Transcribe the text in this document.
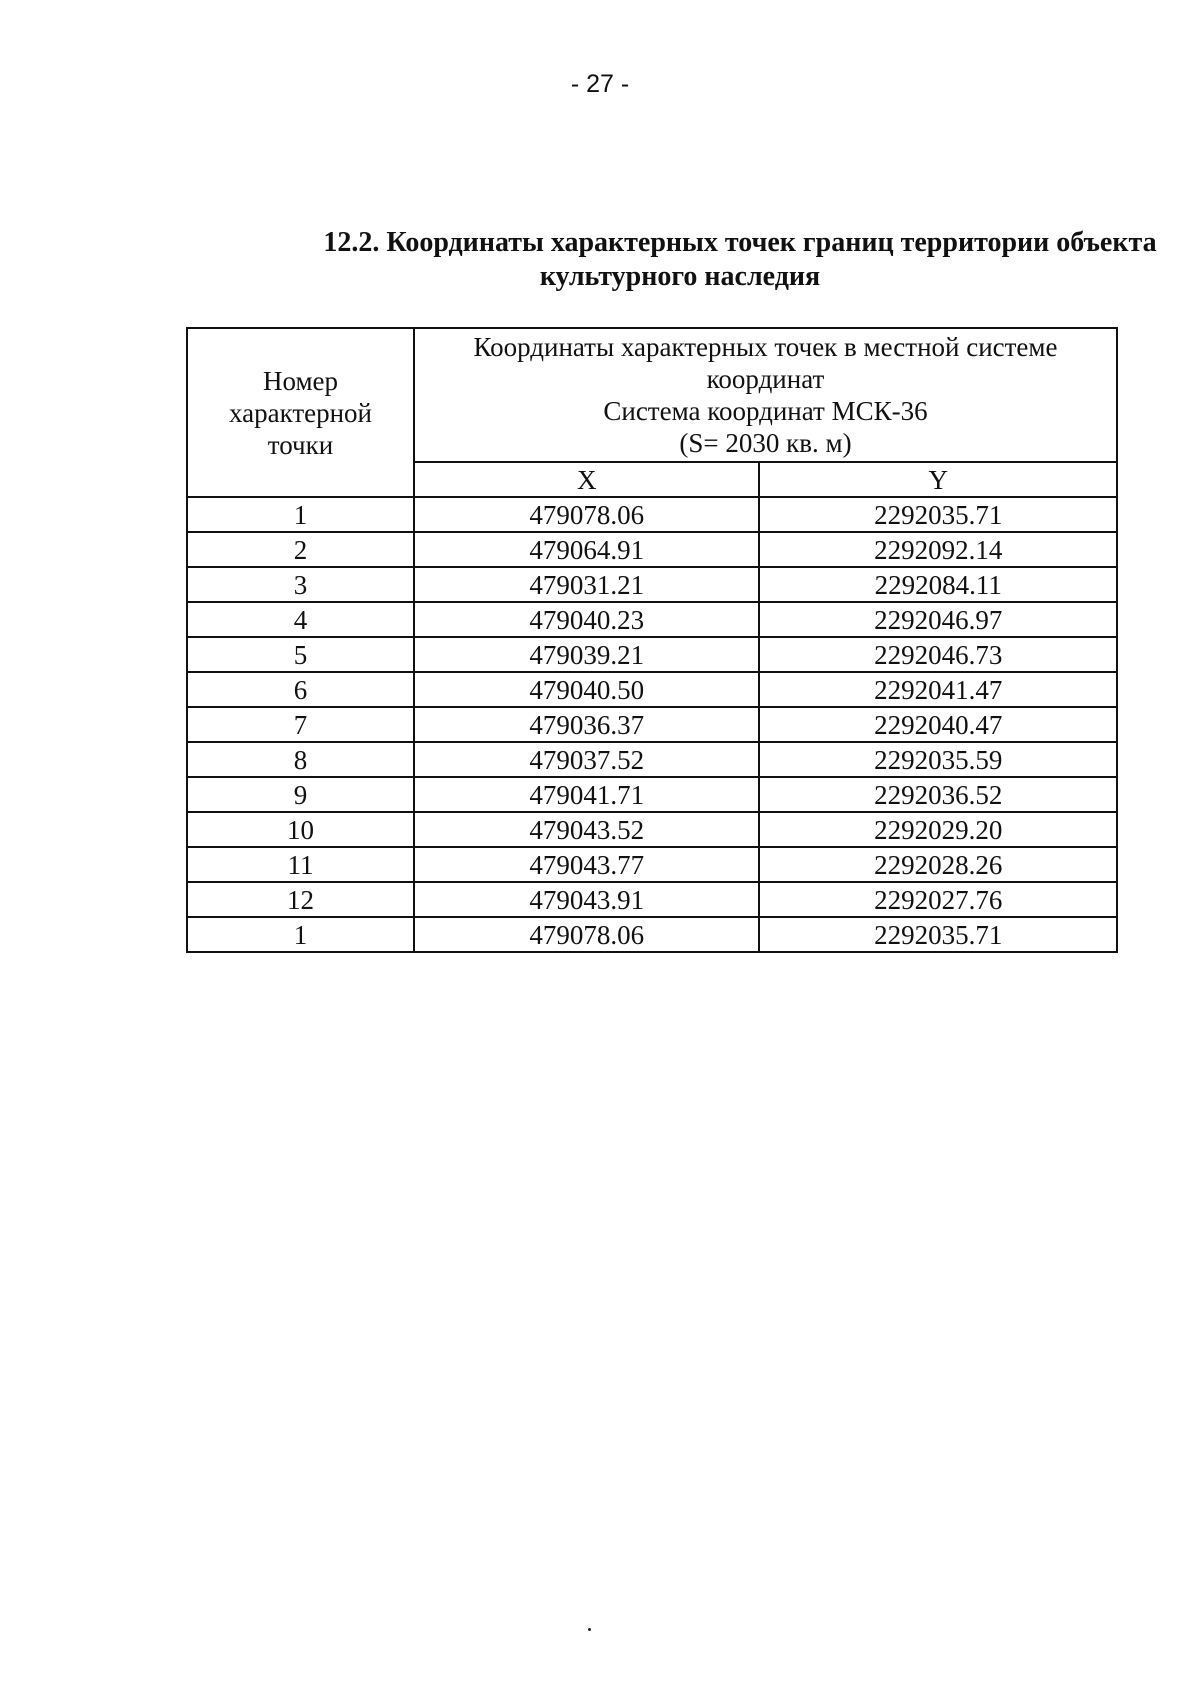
- 27 -
12.2. Координаты характерных точек границ территории объекта
культурного наследия
Номер
характерной
точки	Координаты характерных точек в местной системе
координат
Система координат МСК-36
(S= 2030 кв. м)	

	X	Y
1	479078.06	2292035.71
2	479064.91	2292092.14
3	479031.21	2292084.11
4	479040.23	2292046.97
5	479039.21	2292046.73
6	479040.50	2292041.47
7	479036.37	2292040.47
8	479037.52	2292035.59
9	479041.71	2292036.52
10	479043.52	2292029.20
11	479043.77	2292028.26
12	479043.91	2292027.76
1	479078.06	2292035.71
